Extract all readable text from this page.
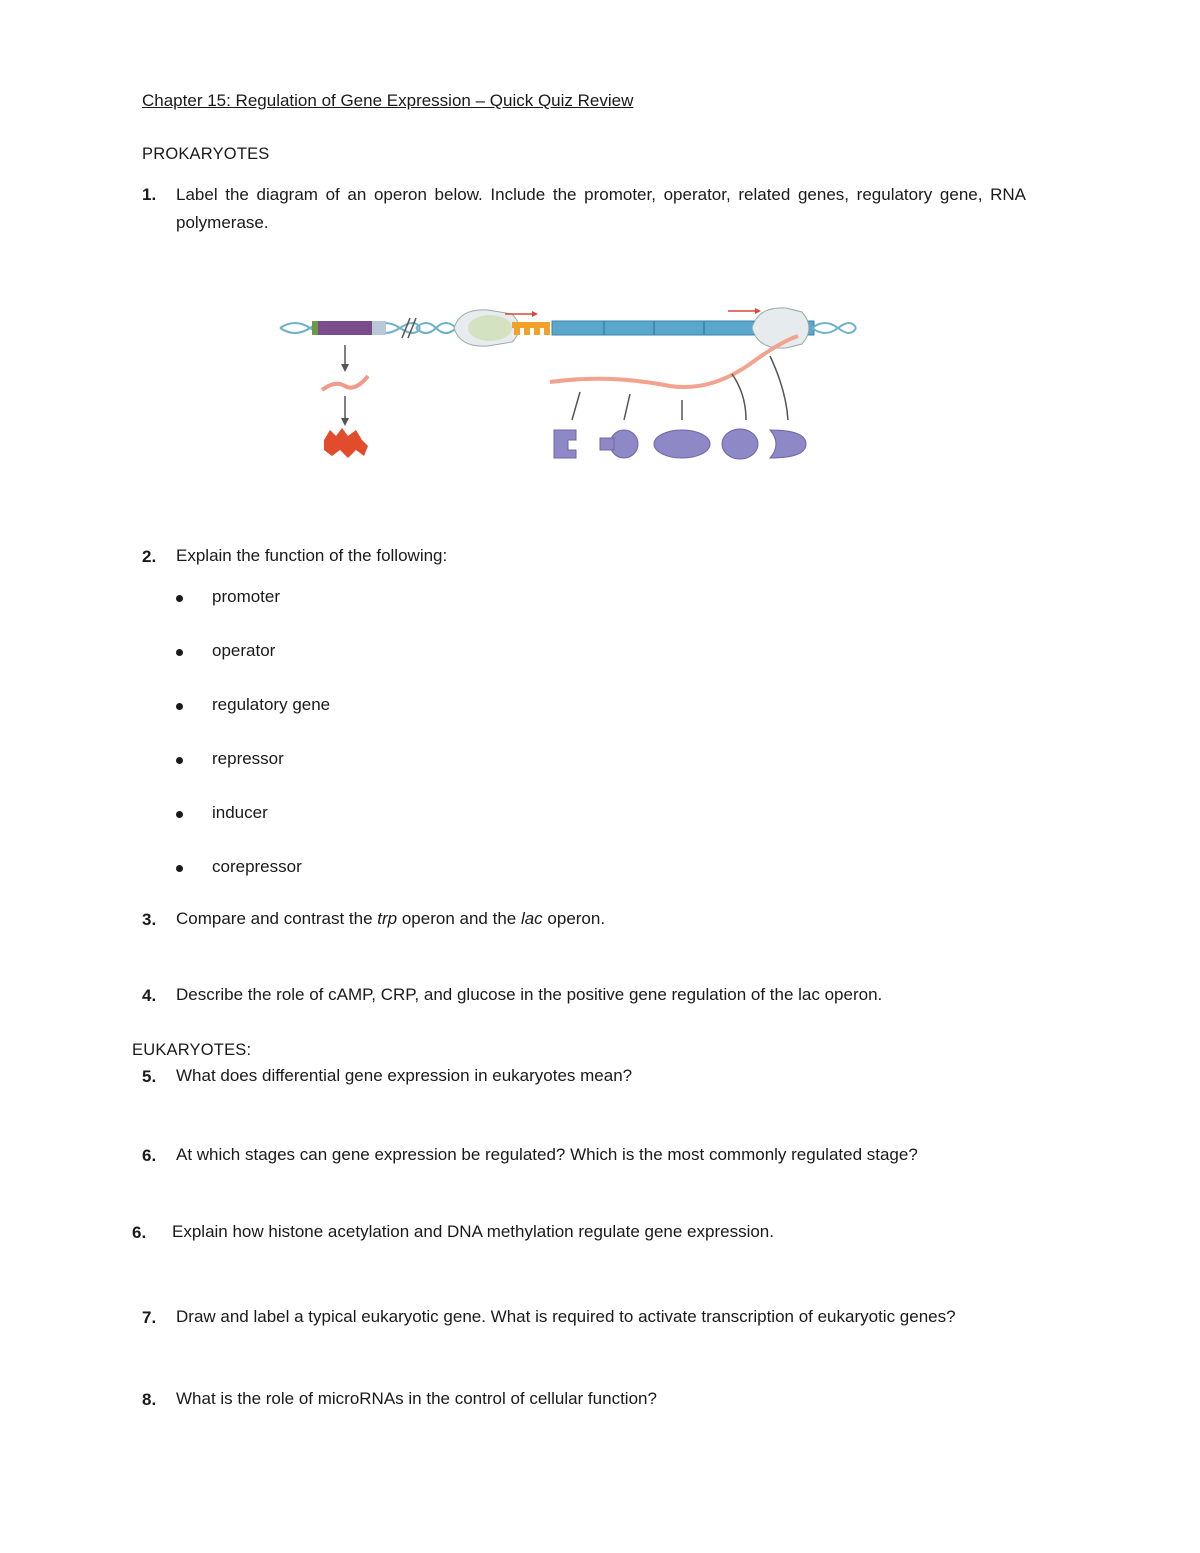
Chapter 15: Regulation of Gene Expression – Quick Quiz Review
PROKARYOTES
1.	Label the diagram of an operon below. Include the promoter, operator, related genes, regulatory gene, RNA polymerase.
2.	Explain the function of the following:
promoter
operator
regulatory gene
repressor
inducer
corepressor
3.	Compare and contrast the trp operon and the lac operon.
4.	Describe the role of cAMP, CRP, and glucose in the positive gene regulation of the lac operon.
EUKARYOTES:
5.	What does differential gene expression in eukaryotes mean?
6.	At which stages can gene expression be regulated? Which is the most commonly regulated stage?
6.	Explain how histone acetylation and DNA methylation regulate gene expression.
7.	Draw and label a typical eukaryotic gene. What is required to activate transcription of eukaryotic genes?
8.	What is the role of microRNAs in the control of cellular function?
